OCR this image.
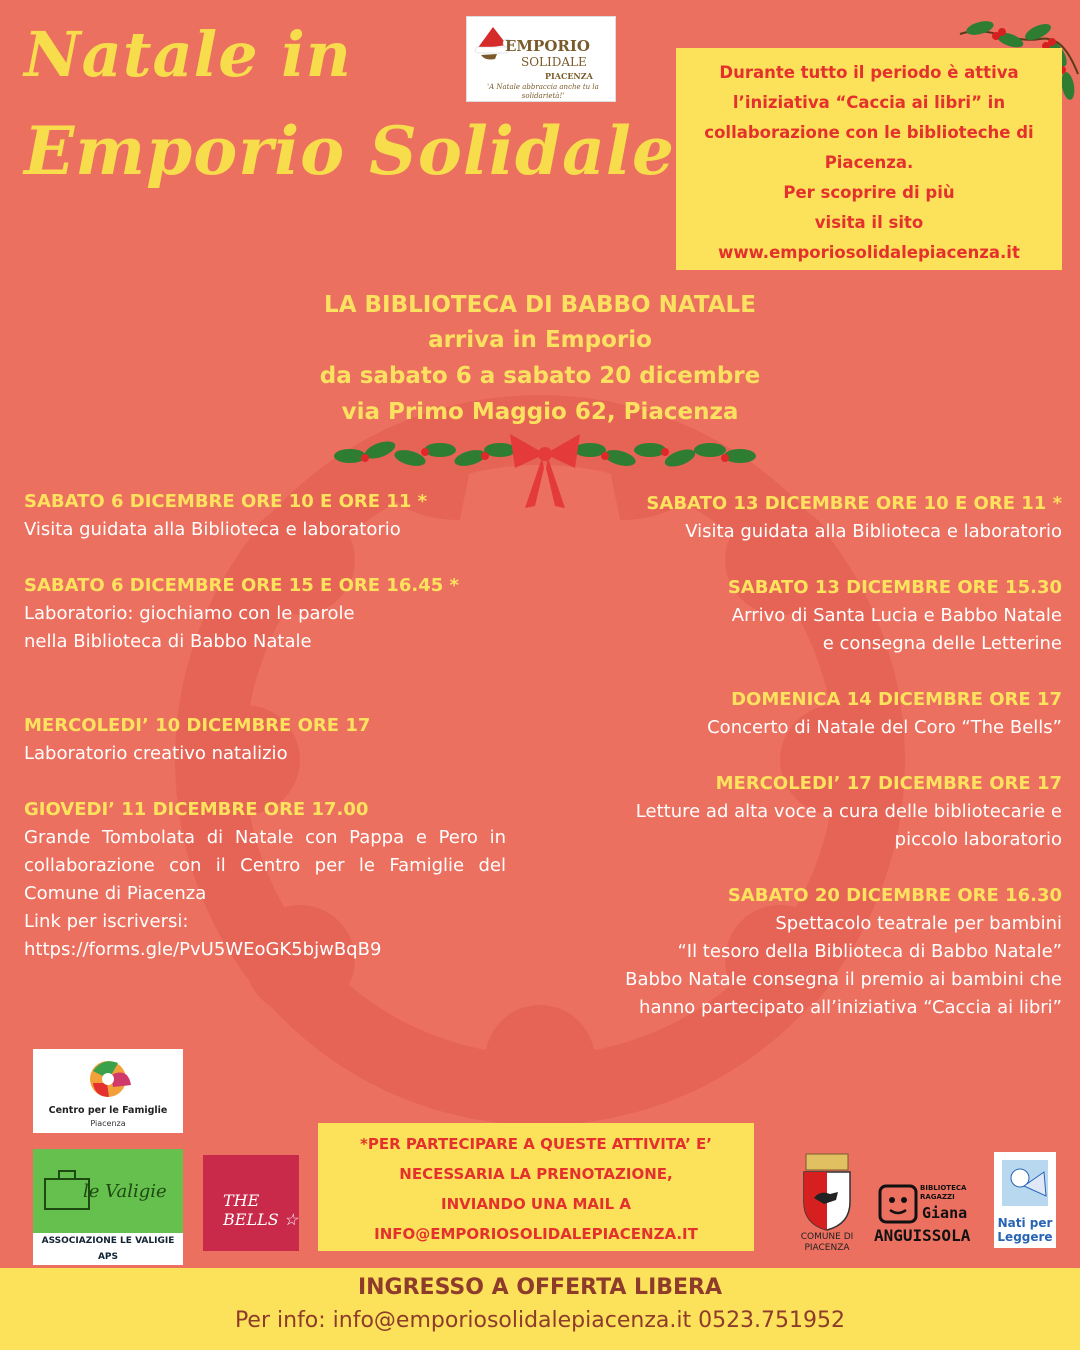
Natale in
Emporio Solidale
EMPORIO
SOLIDALE
PIACENZA
'A Natale abbraccia anche tu la solidarietà!'
Durante tutto il periodo è attiva
l’iniziativa “Caccia ai libri” in
collaborazione con le biblioteche di
Piacenza.
Per scoprire di più
visita il sito
www.emporiosolidalepiacenza.it
LA BIBLIOTECA DI BABBO NATALE
arriva in Emporio
da sabato 6 a sabato 20 dicembre
via Primo Maggio 62, Piacenza
SABATO 6 DICEMBRE ORE 10 E ORE 11 *
Visita guidata alla Biblioteca e laboratorio
SABATO 6 DICEMBRE ORE 15 E ORE 16.45 *
Laboratorio: giochiamo con le parole
nella Biblioteca di Babbo Natale
MERCOLEDI’ 10 DICEMBRE ORE 17
Laboratorio creativo natalizio
GIOVEDI’ 11 DICEMBRE ORE 17.00
Grande Tombolata di Natale con Pappa e Pero in collaborazione con il Centro per le Famiglie del Comune di Piacenza
Link per iscriversi:
https://forms.gle/PvU5WEoGK5bjwBqB9
SABATO 13 DICEMBRE ORE 10 E ORE 11 *
Visita guidata alla Biblioteca e laboratorio
SABATO 13 DICEMBRE ORE 15.30
Arrivo di Santa Lucia e Babbo Natale
e consegna delle Letterine
DOMENICA 14 DICEMBRE ORE 17
Concerto di Natale del Coro “The Bells”
MERCOLEDI’ 17 DICEMBRE ORE 17
Letture ad alta voce a cura delle bibliotecarie e
piccolo laboratorio
SABATO 20 DICEMBRE ORE 16.30
Spettacolo teatrale per bambini
“Il tesoro della Biblioteca di Babbo Natale”
Babbo Natale consegna il premio ai bambini che
hanno partecipato all’iniziativa “Caccia ai libri”
Centro per le Famiglie
Piacenza
le Valigie
ASSOCIAZIONE LE VALIGIE APS
THE BELLS ☆
*PER PARTECIPARE A QUESTE ATTIVITA’ E’
NECESSARIA LA PRENOTAZIONE,
INVIANDO UNA MAIL A
INFO@EMPORIOSOLIDALEPIACENZA.IT	COMUNE DI PIACENZA
BIBLIOTECA RAGAZZI
Giana
ANGUISSOLA
Nati per Leggere
INGRESSO A OFFERTA LIBERA
Per info: info@emporiosolidalepiacenza.it 0523.751952
